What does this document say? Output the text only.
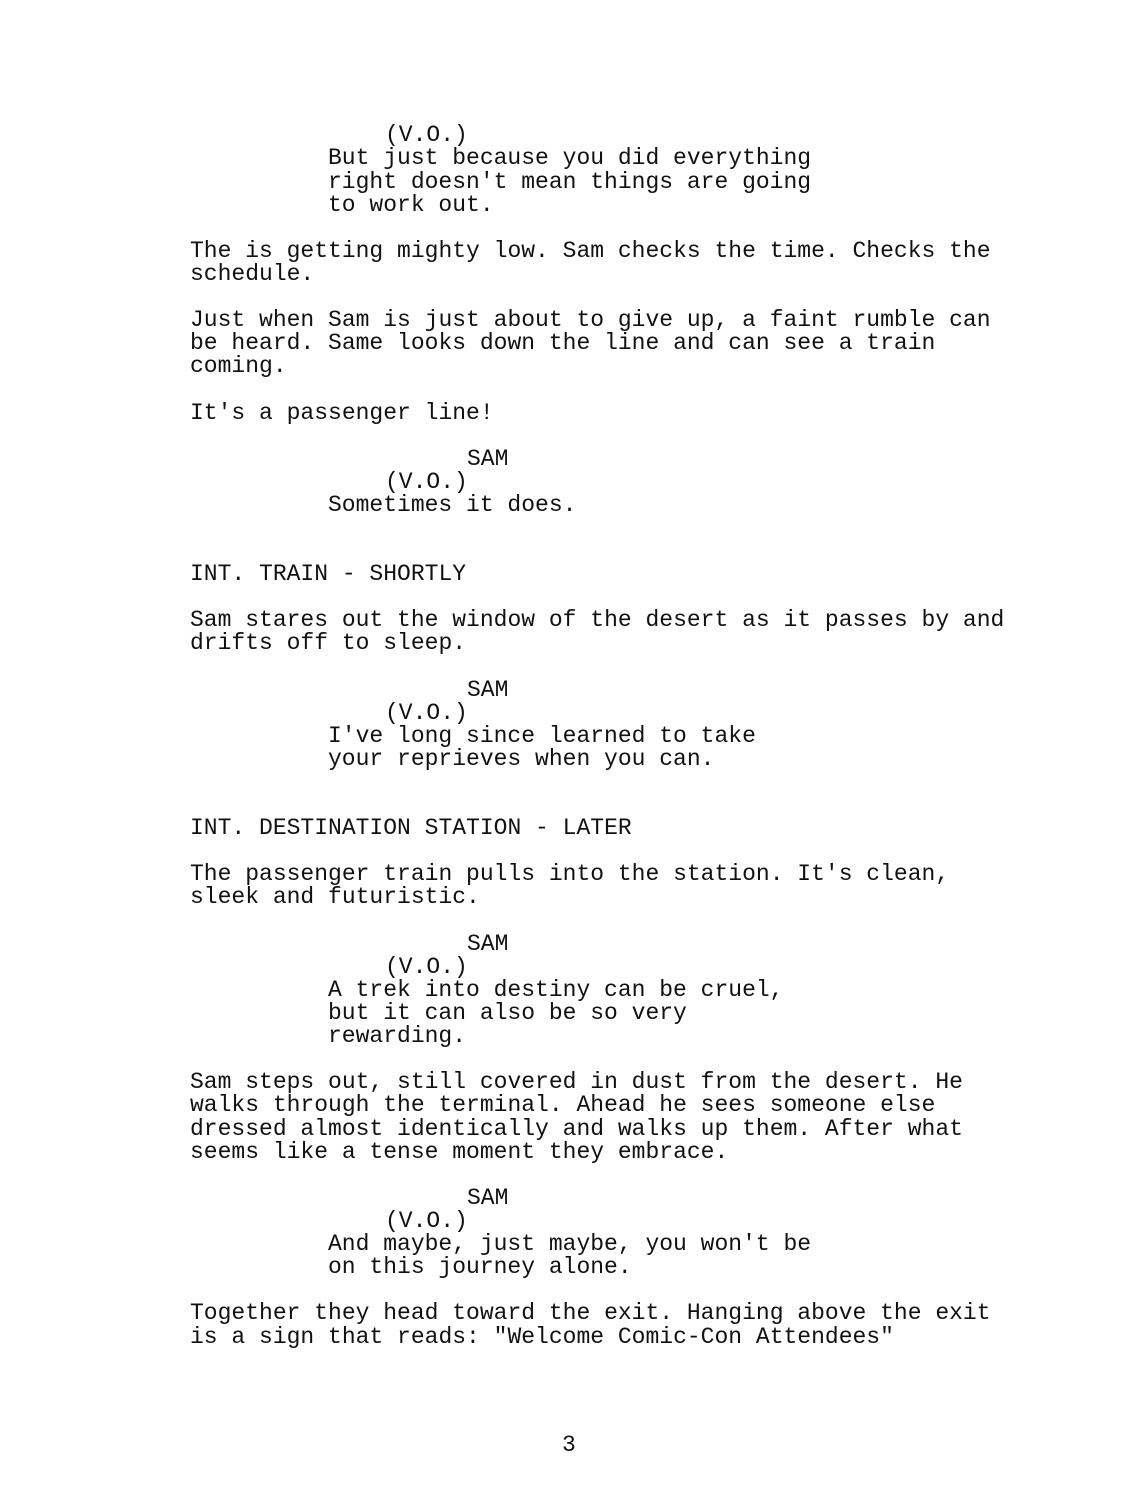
(V.O.)

But just because you did everything

right doesn't mean things are going

to work out.

The is getting mighty low. Sam checks the time. Checks the

schedule.

Just when Sam is just about to give up, a faint rumble can

be heard. Same looks down the line and can see a train

coming.

It's a passenger line!

SAM

(V.O.)

Sometimes it does.

INT. TRAIN - SHORTLY

Sam stares out the window of the desert as it passes by and

drifts off to sleep.

SAM

(V.O.)

I've long since learned to take

your reprieves when you can.

INT. DESTINATION STATION - LATER

The passenger train pulls into the station. It's clean,

sleek and futuristic.

SAM

(V.O.)

A trek into destiny can be cruel,

but it can also be so very

rewarding.

Sam steps out, still covered in dust from the desert. He

walks through the terminal. Ahead he sees someone else

dressed almost identically and walks up them. After what

seems like a tense moment they embrace.

SAM

(V.O.)

And maybe, just maybe, you won't be

on this journey alone.

Together they head toward the exit. Hanging above the exit

is a sign that reads: "Welcome Comic-Con Attendees"

3
